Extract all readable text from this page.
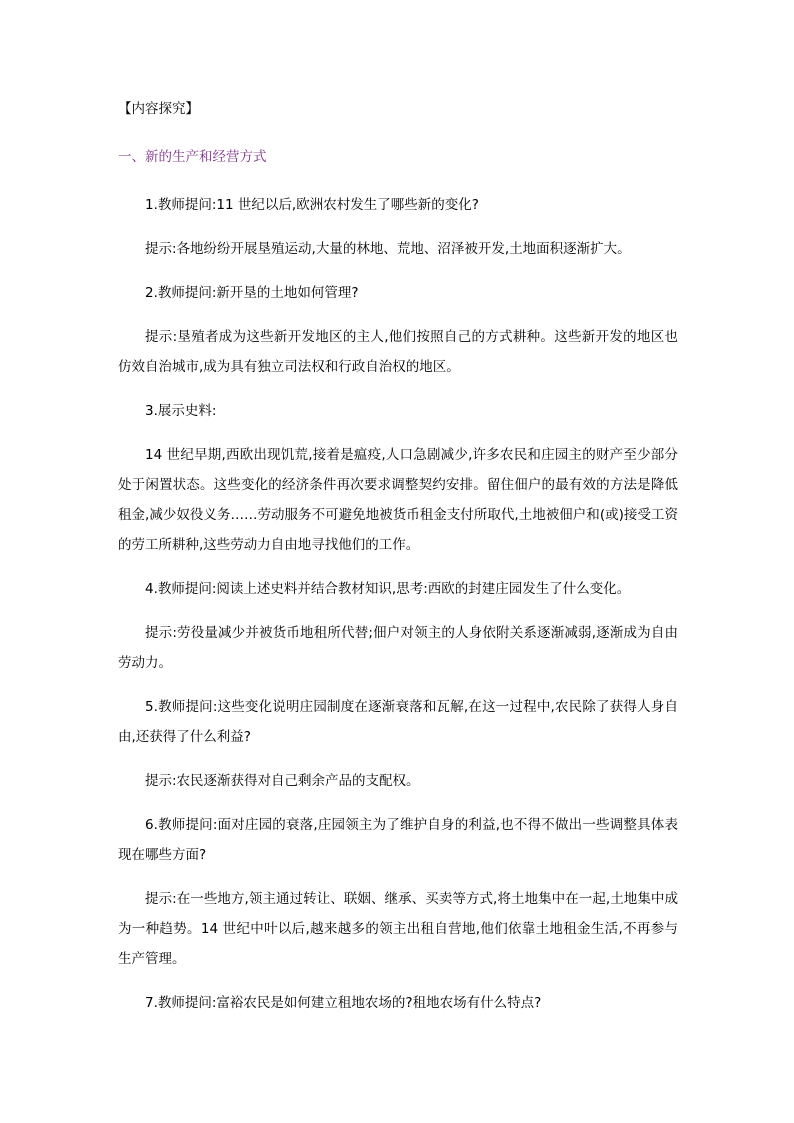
【内容探究】
一、新的生产和经营方式

1.教师提问:11 世纪以后,欧洲农村发生了哪些新的变化?

提示:各地纷纷开展垦殖运动,大量的林地、荒地、沼泽被开发,土地面积逐渐扩大。

2.教师提问:新开垦的土地如何管理?

提示:垦殖者成为这些新开发地区的主人,他们按照自己的方式耕种。这些新开发的地区也仿效自治城市,成为具有独立司法权和行政自治权的地区。

3.展示史料:

14 世纪早期,西欧出现饥荒,接着是瘟疫,人口急剧减少,许多农民和庄园主的财产至少部分处于闲置状态。这些变化的经济条件再次要求调整契约安排。留住佃户的最有效的方法是降低租金,减少奴役义务……劳动服务不可避免地被货币租金支付所取代,土地被佃户和(或)接受工资的劳工所耕种,这些劳动力自由地寻找他们的工作。

4.教师提问:阅读上述史料并结合教材知识,思考:西欧的封建庄园发生了什么变化。

提示:劳役量减少并被货币地租所代替;佃户对领主的人身依附关系逐渐减弱,逐渐成为自由劳动力。

5.教师提问:这些变化说明庄园制度在逐渐衰落和瓦解,在这一过程中,农民除了获得人身自由,还获得了什么利益?

提示:农民逐渐获得对自己剩余产品的支配权。

6.教师提问:面对庄园的衰落,庄园领主为了维护自身的利益,也不得不做出一些调整具体表现在哪些方面?

提示:在一些地方,领主通过转让、联姻、继承、买卖等方式,将土地集中在一起,土地集中成为一种趋势。14 世纪中叶以后,越来越多的领主出租自营地,他们依靠土地租金生活,不再参与生产管理。

7.教师提问:富裕农民是如何建立租地农场的?租地农场有什么特点?
